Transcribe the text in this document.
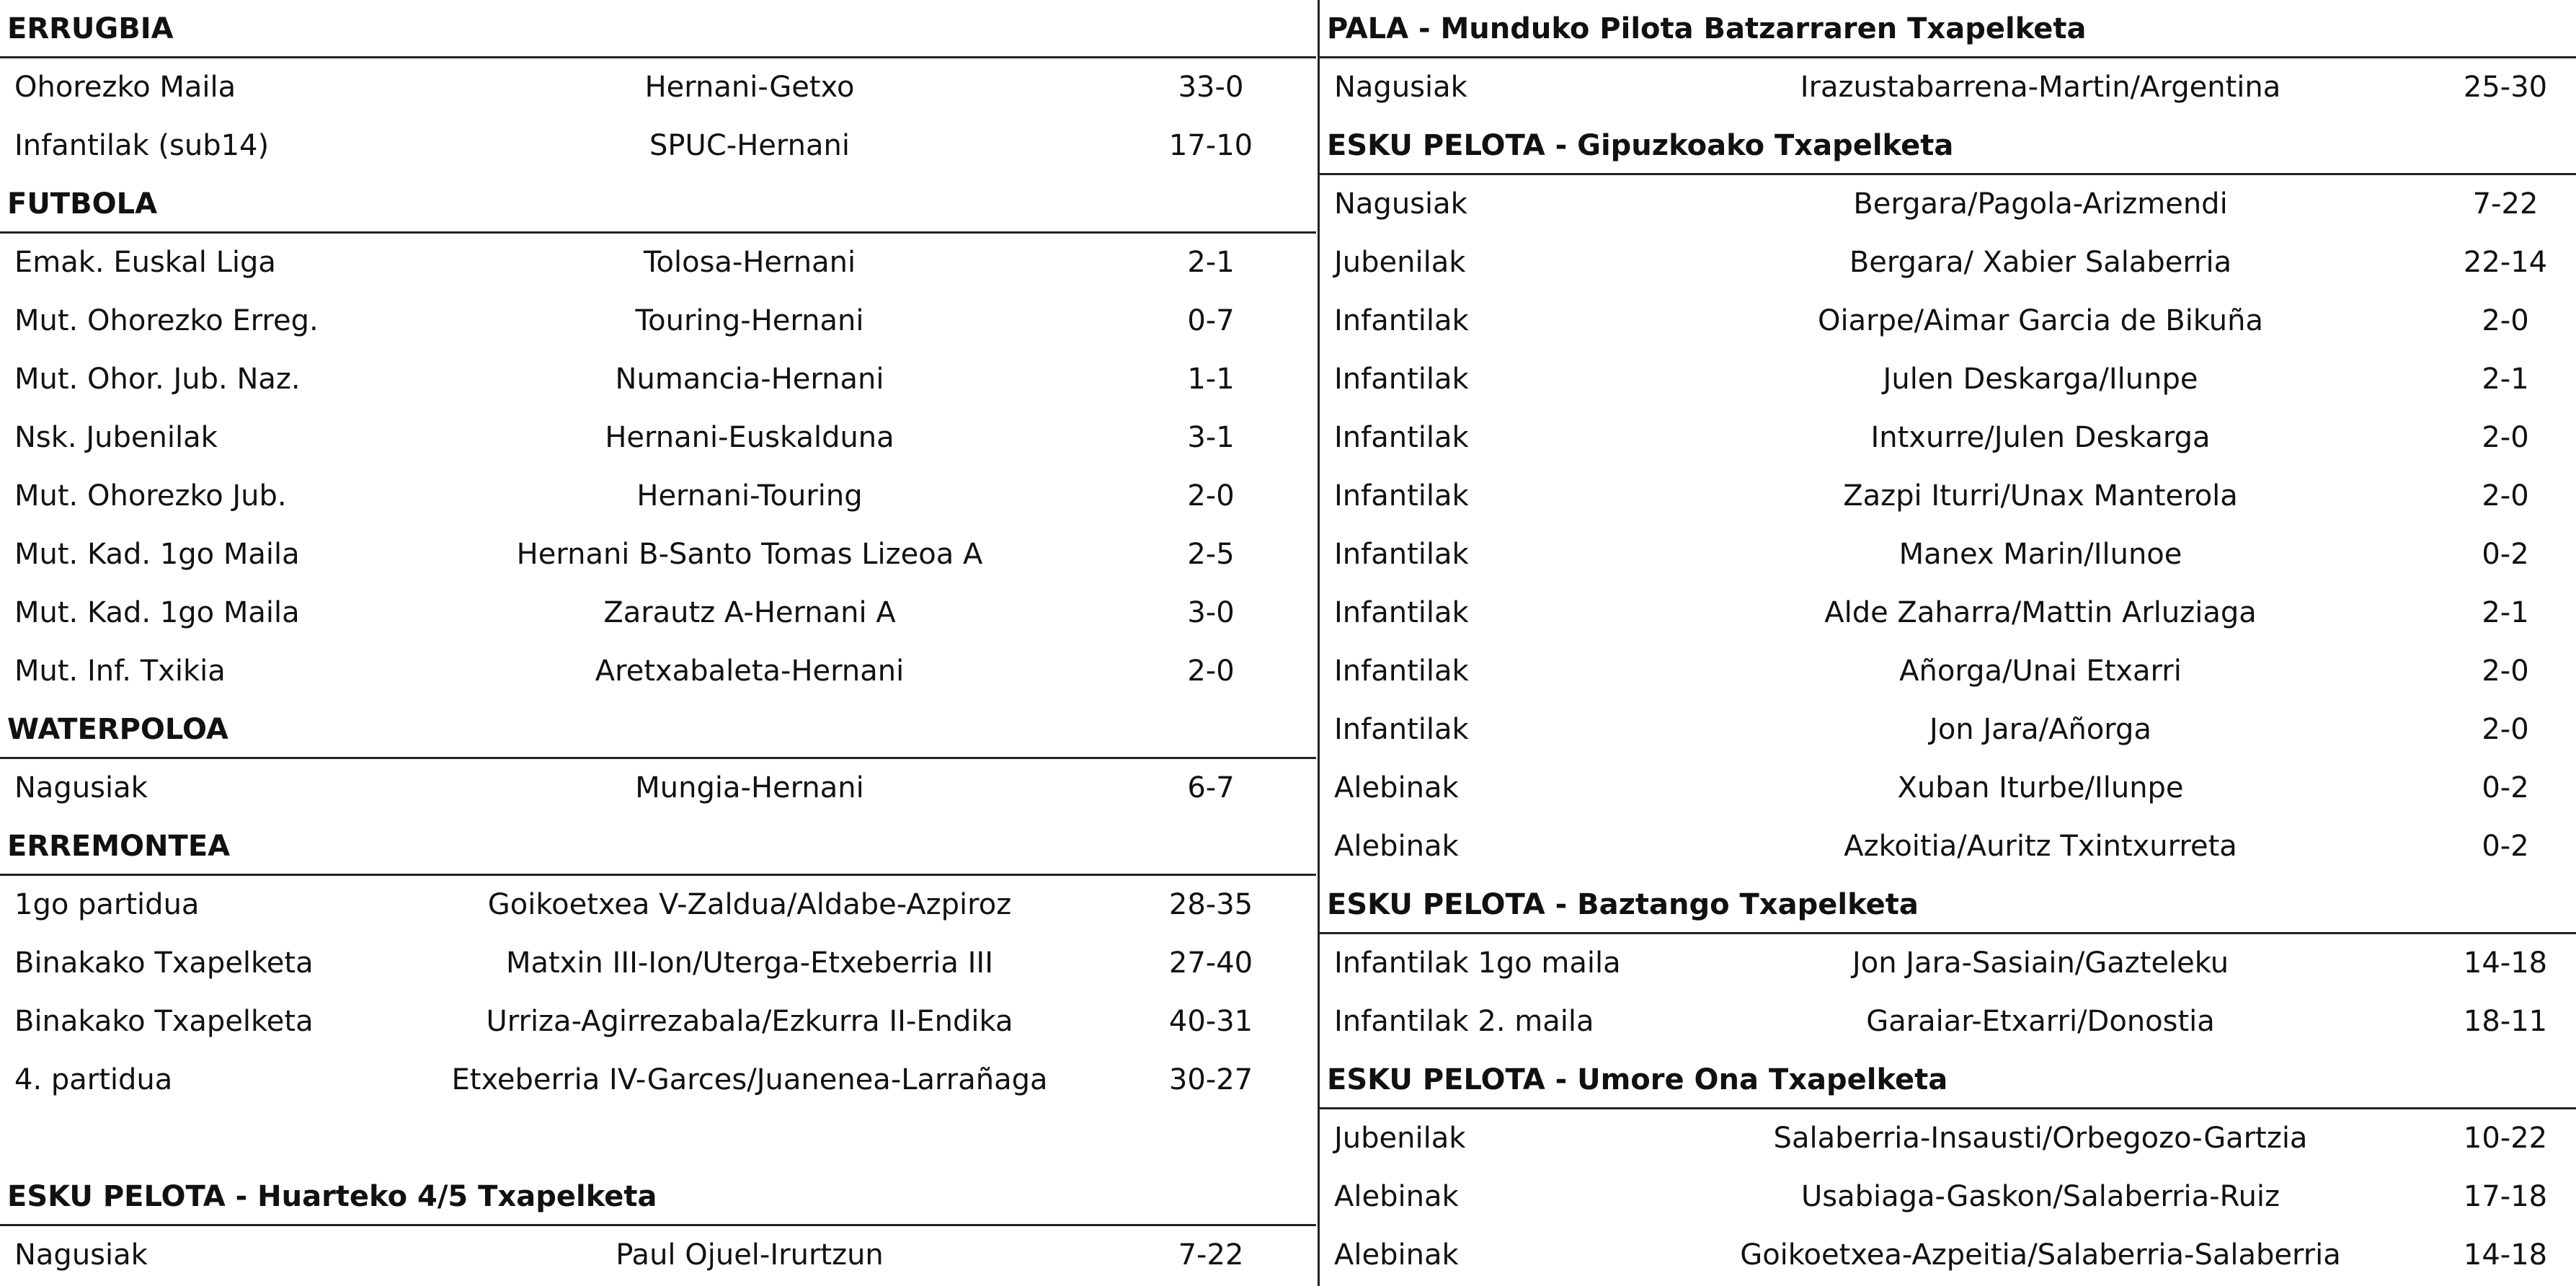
ERRUGBIA
Ohorezko Maila	Hernani-Getxo	33-0
Infantilak (sub14)	SPUC-Hernani	17-10
FUTBOLA
Emak. Euskal Liga	Tolosa-Hernani	2-1
Mut. Ohorezko Erreg.	Touring-Hernani	0-7
Mut. Ohor. Jub. Naz.	Numancia-Hernani	1-1
Nsk. Jubenilak	Hernani-Euskalduna	3-1
Mut. Ohorezko Jub.	Hernani-Touring	2-0
Mut. Kad. 1go Maila	Hernani B-Santo Tomas Lizeoa A	2-5
Mut. Kad. 1go Maila	Zarautz A-Hernani A	3-0
Mut. Inf. Txikia	Aretxabaleta-Hernani	2-0
WATERPOLOA
Nagusiak	Mungia-Hernani	6-7
ERREMONTEA
1go partidua	Goikoetxea V-Zaldua/Aldabe-Azpiroz	28-35
Binakako Txapelketa	Matxin III-Ion/Uterga-Etxeberria III	27-40
Binakako Txapelketa	Urriza-Agirrezabala/Ezkurra II-Endika	40-31
4. partidua	Etxeberria IV-Garces/Juanenea-Larrañaga	30-27
ESKU PELOTA - Huarteko 4/5 Txapelketa
Nagusiak	Paul Ojuel-Irurtzun	7-22
PALA - Munduko Pilota Batzarraren Txapelketa
Nagusiak	Irazustabarrena-Martin/Argentina	25-30
ESKU PELOTA - Gipuzkoako Txapelketa
Nagusiak	Bergara/Pagola-Arizmendi	7-22
Jubenilak	Bergara/ Xabier Salaberria	22-14
Infantilak	Oiarpe/Aimar Garcia de Bikuña	2-0
Infantilak	Julen Deskarga/Ilunpe	2-1
Infantilak	Intxurre/Julen Deskarga	2-0
Infantilak	Zazpi Iturri/Unax Manterola	2-0
Infantilak	Manex Marin/Ilunoe	0-2
Infantilak	Alde Zaharra/Mattin Arluziaga	2-1
Infantilak	Añorga/Unai Etxarri	2-0
Infantilak	Jon Jara/Añorga	2-0
Alebinak	Xuban Iturbe/Ilunpe	0-2
Alebinak	Azkoitia/Auritz Txintxurreta	0-2
ESKU PELOTA - Baztango Txapelketa
Infantilak 1go maila	Jon Jara-Sasiain/Gazteleku	14-18
Infantilak 2. maila	Garaiar-Etxarri/Donostia	18-11
ESKU PELOTA - Umore Ona Txapelketa
Jubenilak	Salaberria-Insausti/Orbegozo-Gartzia	10-22
Alebinak	Usabiaga-Gaskon/Salaberria-Ruiz	17-18
Alebinak	Goikoetxea-Azpeitia/Salaberria-Salaberria	14-18
